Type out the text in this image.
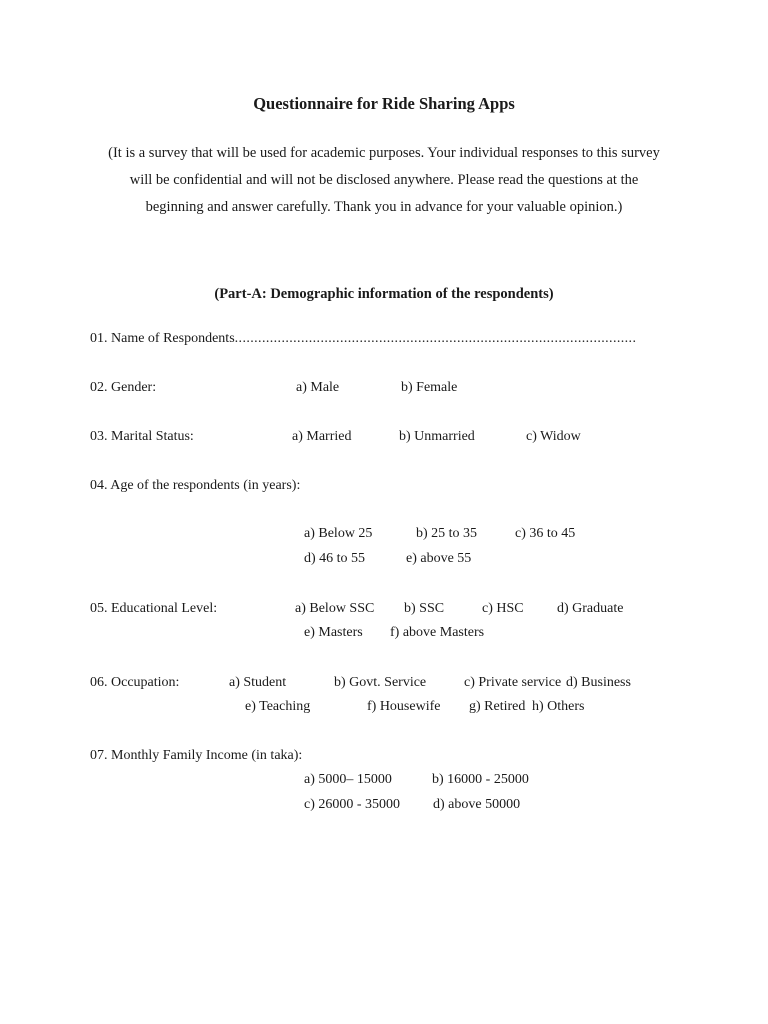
Questionnaire for Ride Sharing Apps
(It is a survey that will be used for academic purposes. Your individual responses to this survey
will be confidential and will not be disclosed anywhere. Please read the questions at the
beginning and answer carefully. Thank you in advance for your valuable opinion.)
(Part-A: Demographic information of the respondents)
01. Name of Respondents.......................................................................................................
02. Gender:	a) Male	b) Female
03. Marital Status:	a) Married	b) Unmarried	c) Widow
04. Age of the respondents (in years):
a) Below 25	b) 25 to 35	c) 36 to 45
d) 46 to 55	e) above 55
05. Educational Level:	a) Below SSC b) SSC	c) HSC d) Graduate
e) Masters f) above Masters
06. Occupation:	a) Student	b) Govt. Service	c) Private service d) Business
e) Teaching	f) Housewife g) Retired h) Others
07. Monthly Family Income (in taka):
a) 5000– 15000	b) 16000 - 25000
c) 26000 - 35000 d) above 50000
